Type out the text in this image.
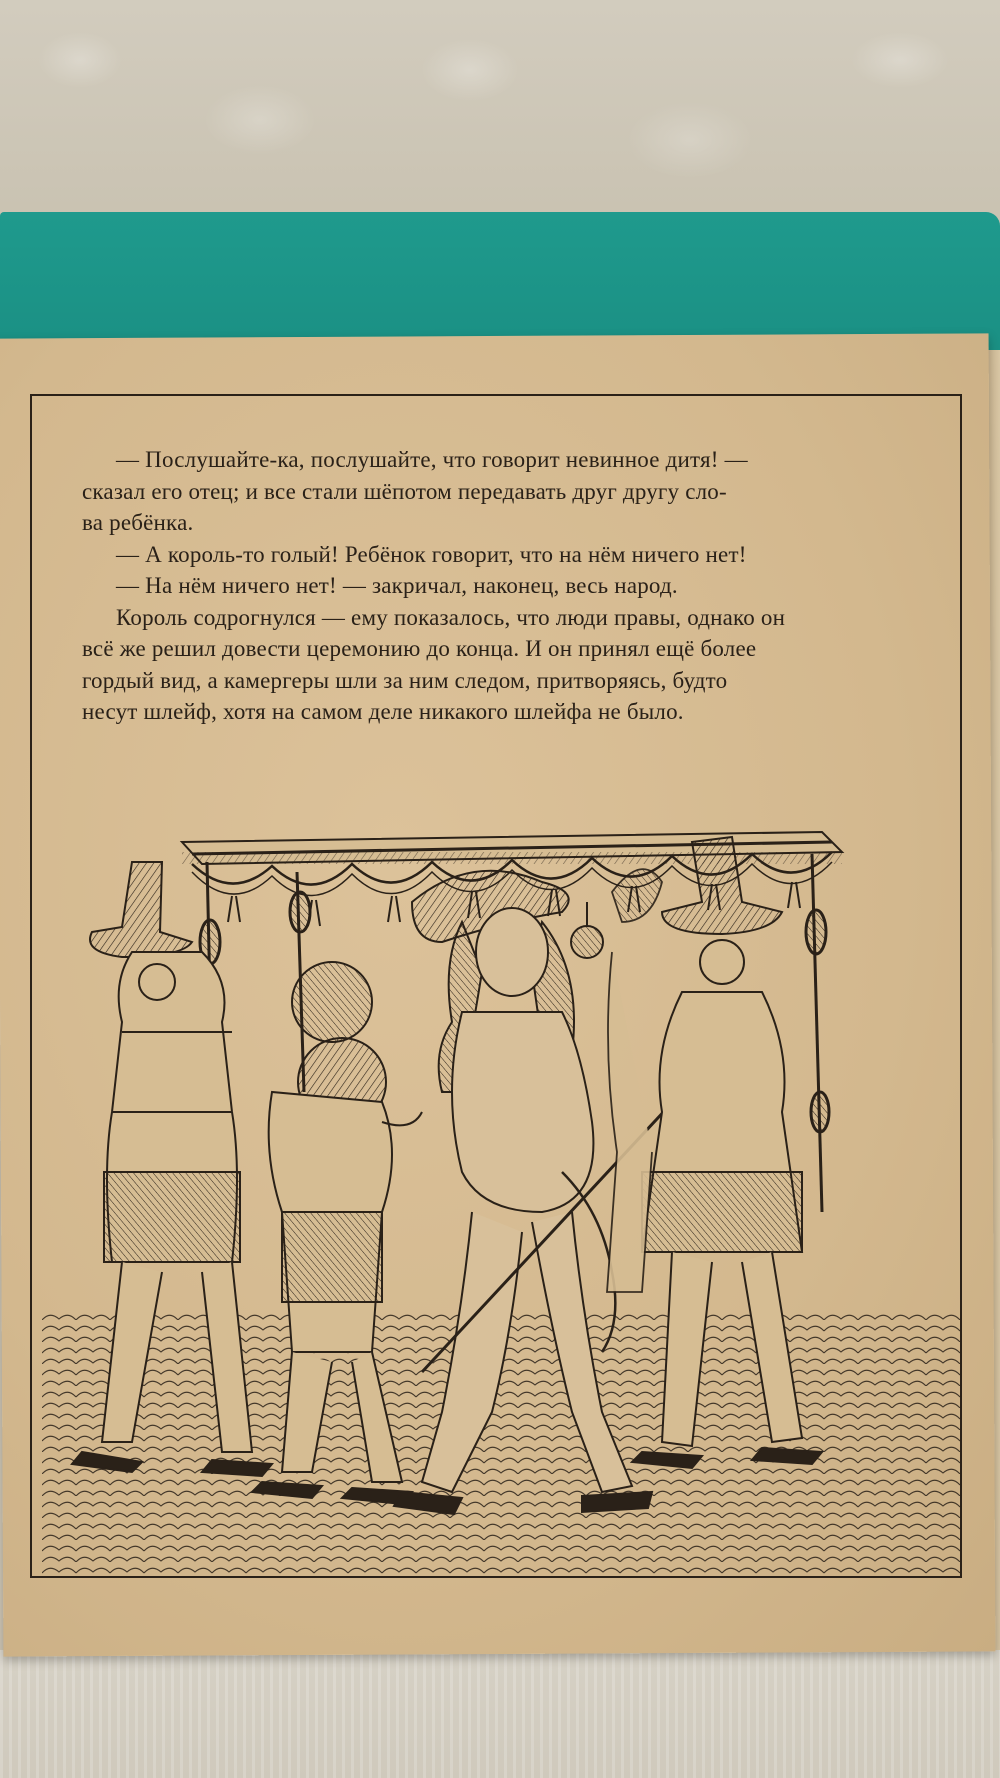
— Послушайте-ка, послушайте, что говорит невинное дитя! —
сказал его отец; и все стали шёпотом передавать друг другу сло-
ва ребёнка.

— А король-то голый! Ребёнок говорит, что на нём ничего нет!

— На нём ничего нет! — закричал, наконец, весь народ.

Король содрогнулся — ему показалось, что люди правы, однако он
всё же решил довести церемонию до конца. И он принял ещё более
гордый вид, а камергеры шли за ним следом, притворяясь, будто
несут шлейф, хотя на самом деле никакого шлейфа не было.
